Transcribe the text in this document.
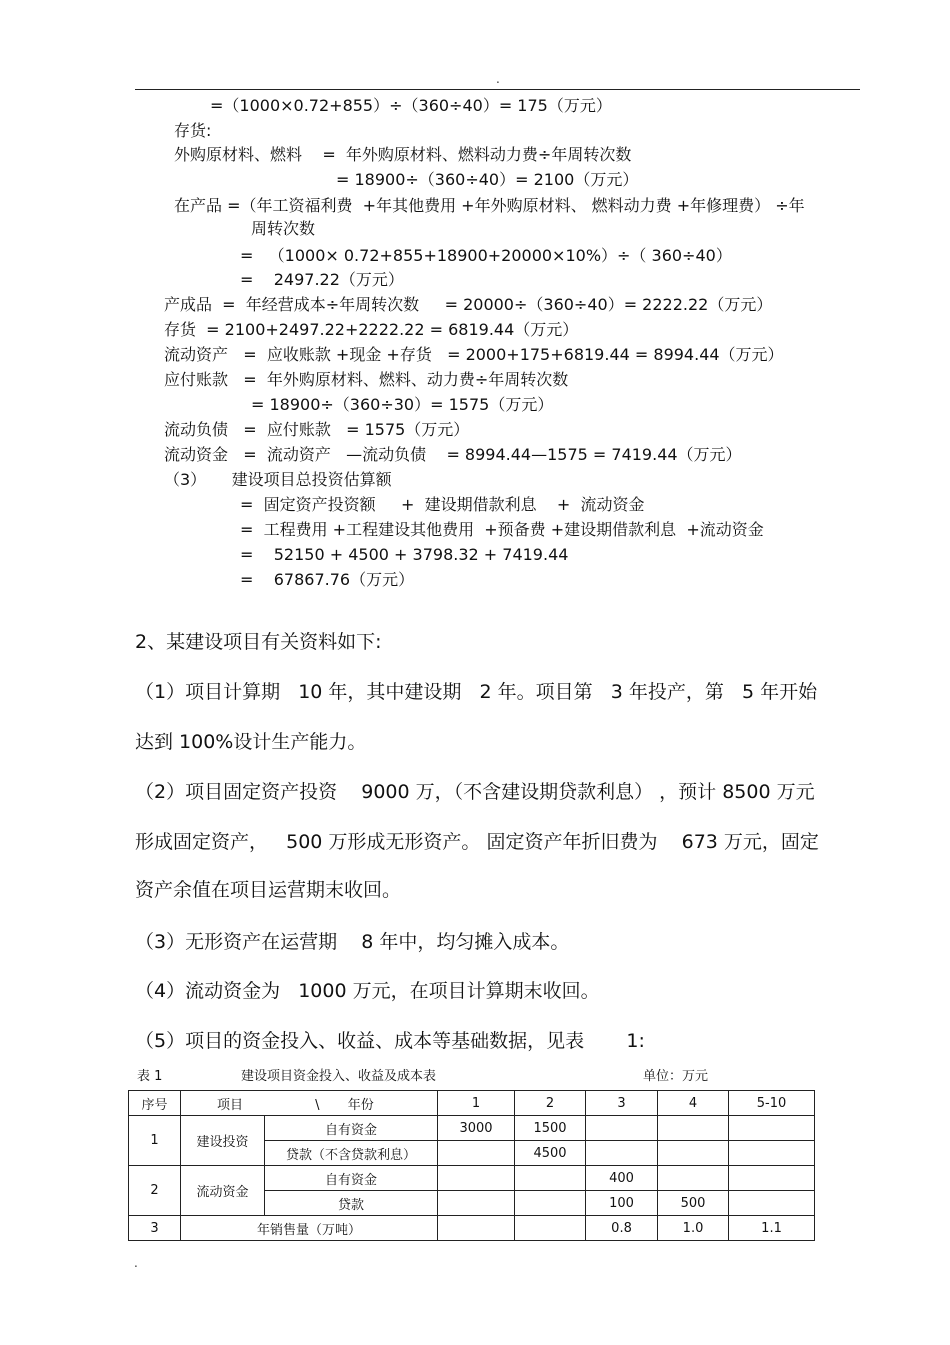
.
=（1000×0.72+855）÷（360÷40）= 175（万元）
存货:
外购原材料、燃料    =  年外购原材料、燃料动力费÷年周转次数
= 18900÷（360÷40）= 2100（万元）
在产品 =（年工资福利费  +年其他费用 +年外购原材料、 燃料动力费 +年修理费） ÷年
周转次数
=   （1000× 0.72+855+18900+20000×10%）÷（ 360÷40）
=    2497.22（万元）
产成品  =  年经营成本÷年周转次数     = 20000÷（360÷40）= 2222.22（万元）
存货  = 2100+2497.22+2222.22 = 6819.44（万元）
流动资产   =  应收账款 +现金 +存货   = 2000+175+6819.44 = 8994.44（万元）
应付账款   =  年外购原材料、燃料、动力费÷年周转次数
= 18900÷（360÷30）= 1575（万元）
流动负债   =  应付账款   = 1575（万元）
流动资金   =  流动资产   —流动负债    = 8994.44—1575 = 7419.44（万元）
（3）     建设项目总投资估算额
=  固定资产投资额     +  建设期借款利息    +  流动资金
=  工程费用 +工程建设其他费用  +预备费 +建设期借款利息  +流动资金
=    52150 + 4500 + 3798.32 + 7419.44
=    67867.76（万元）
2、某建设项目有关资料如下:
（1）项目计算期   10 年，其中建设期   2 年。项目第   3 年投产，第   5 年开始
达到 100%设计生产能力。
（2）项目固定资产投资    9000 万，（不含建设期贷款利息） ，预计 8500 万元
形成固定资产，   500 万形成无形资产。 固定资产年折旧费为    673 万元，固定
资产余值在项目运营期末收回。
（3）无形资产在运营期    8 年中，均匀摊入成本。
（4）流动资金为   1000 万元，在项目计算期末收回。
（5）项目的资金投入、收益、成本等基础数据，见表       1:
表 1	建设项目资金投入、收益及成本表	单位：万元
序号	项目 \ 年份		1	2	3	4	5-10
1	建设投资	自有资金	3000	1500			
		贷款（不含贷款利息）		4500			
2	流动资金	自有资金			400		
		贷款			100	500	
3	年销售量（万吨）				0.8	1.0	1.1
.
